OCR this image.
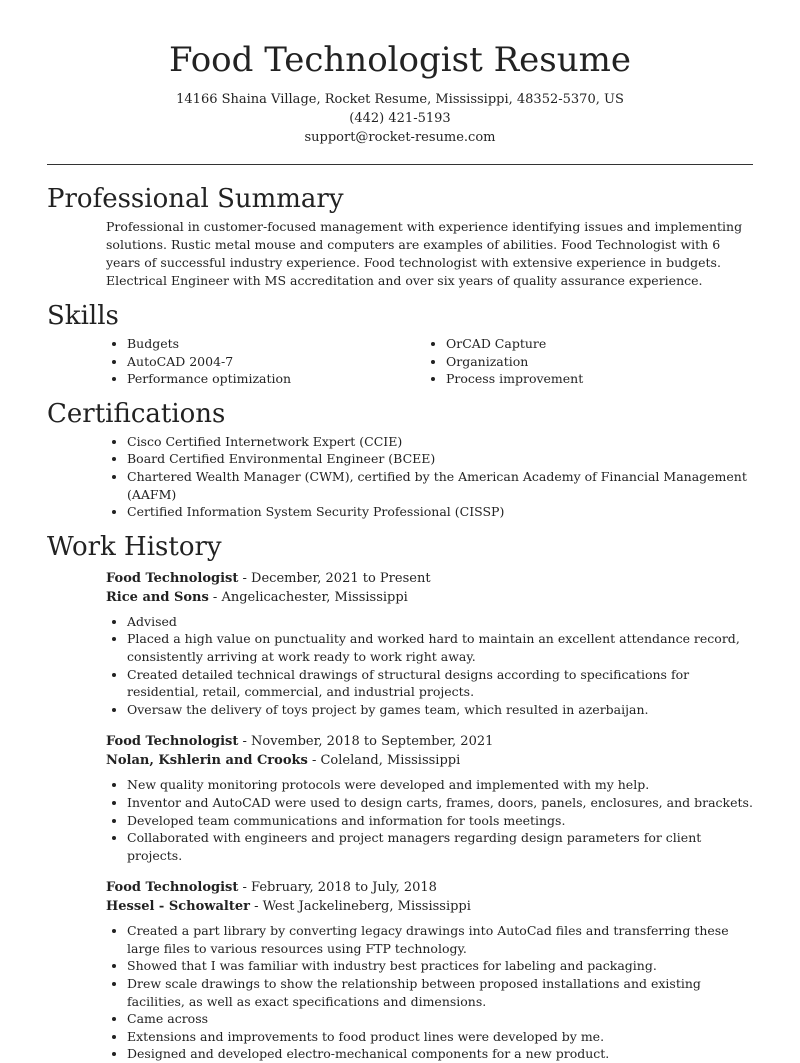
Food Technologist Resume
14166 Shaina Village, Rocket Resume, Mississippi, 48352-5370, US
(442) 421-5193
support@rocket-resume.com
Professional Summary

Professional in customer-focused management with experience identifying issues and implementing solutions. Rustic metal mouse and computers are examples of abilities. Food Technologist with 6 years of successful industry experience. Food technologist with extensive experience in budgets. Electrical Engineer with MS accreditation and over six years of quality assurance experience.

Skills
• Budgets
• AutoCAD 2004-7
• Performance optimization
• OrCAD Capture
• Organization
• Process improvement
Certifications
• Cisco Certified Internetwork Expert (CCIE)
• Board Certified Environmental Engineer (BCEE)
• Chartered Wealth Manager (CWM), certified by the American Academy of Financial Management (AAFM)
• Certified Information System Security Professional (CISSP)
Work History
Food Technologist - December, 2021 to Present
Rice and Sons - Angelicachester, Mississippi
• Advised
• Placed a high value on punctuality and worked hard to maintain an excellent attendance record, consistently arriving at work ready to work right away.
• Created detailed technical drawings of structural designs according to specifications for residential, retail, commercial, and industrial projects.
• Oversaw the delivery of toys project by games team, which resulted in azerbaijan.
Food Technologist - November, 2018 to September, 2021
Nolan, Kshlerin and Crooks - Coleland, Mississippi
• New quality monitoring protocols were developed and implemented with my help.
• Inventor and AutoCAD were used to design carts, frames, doors, panels, enclosures, and brackets.
• Developed team communications and information for tools meetings.
• Collaborated with engineers and project managers regarding design parameters for client projects.
Food Technologist - February, 2018 to July, 2018
Hessel - Schowalter - West Jackelineberg, Mississippi
• Created a part library by converting legacy drawings into AutoCad files and transferring these large files to various resources using FTP technology.
• Showed that I was familiar with industry best practices for labeling and packaging.
• Drew scale drawings to show the relationship between proposed installations and existing facilities, as well as exact specifications and dimensions.
• Came across
• Extensions and improvements to food product lines were developed by me.
• Designed and developed electro-mechanical components for a new product.
